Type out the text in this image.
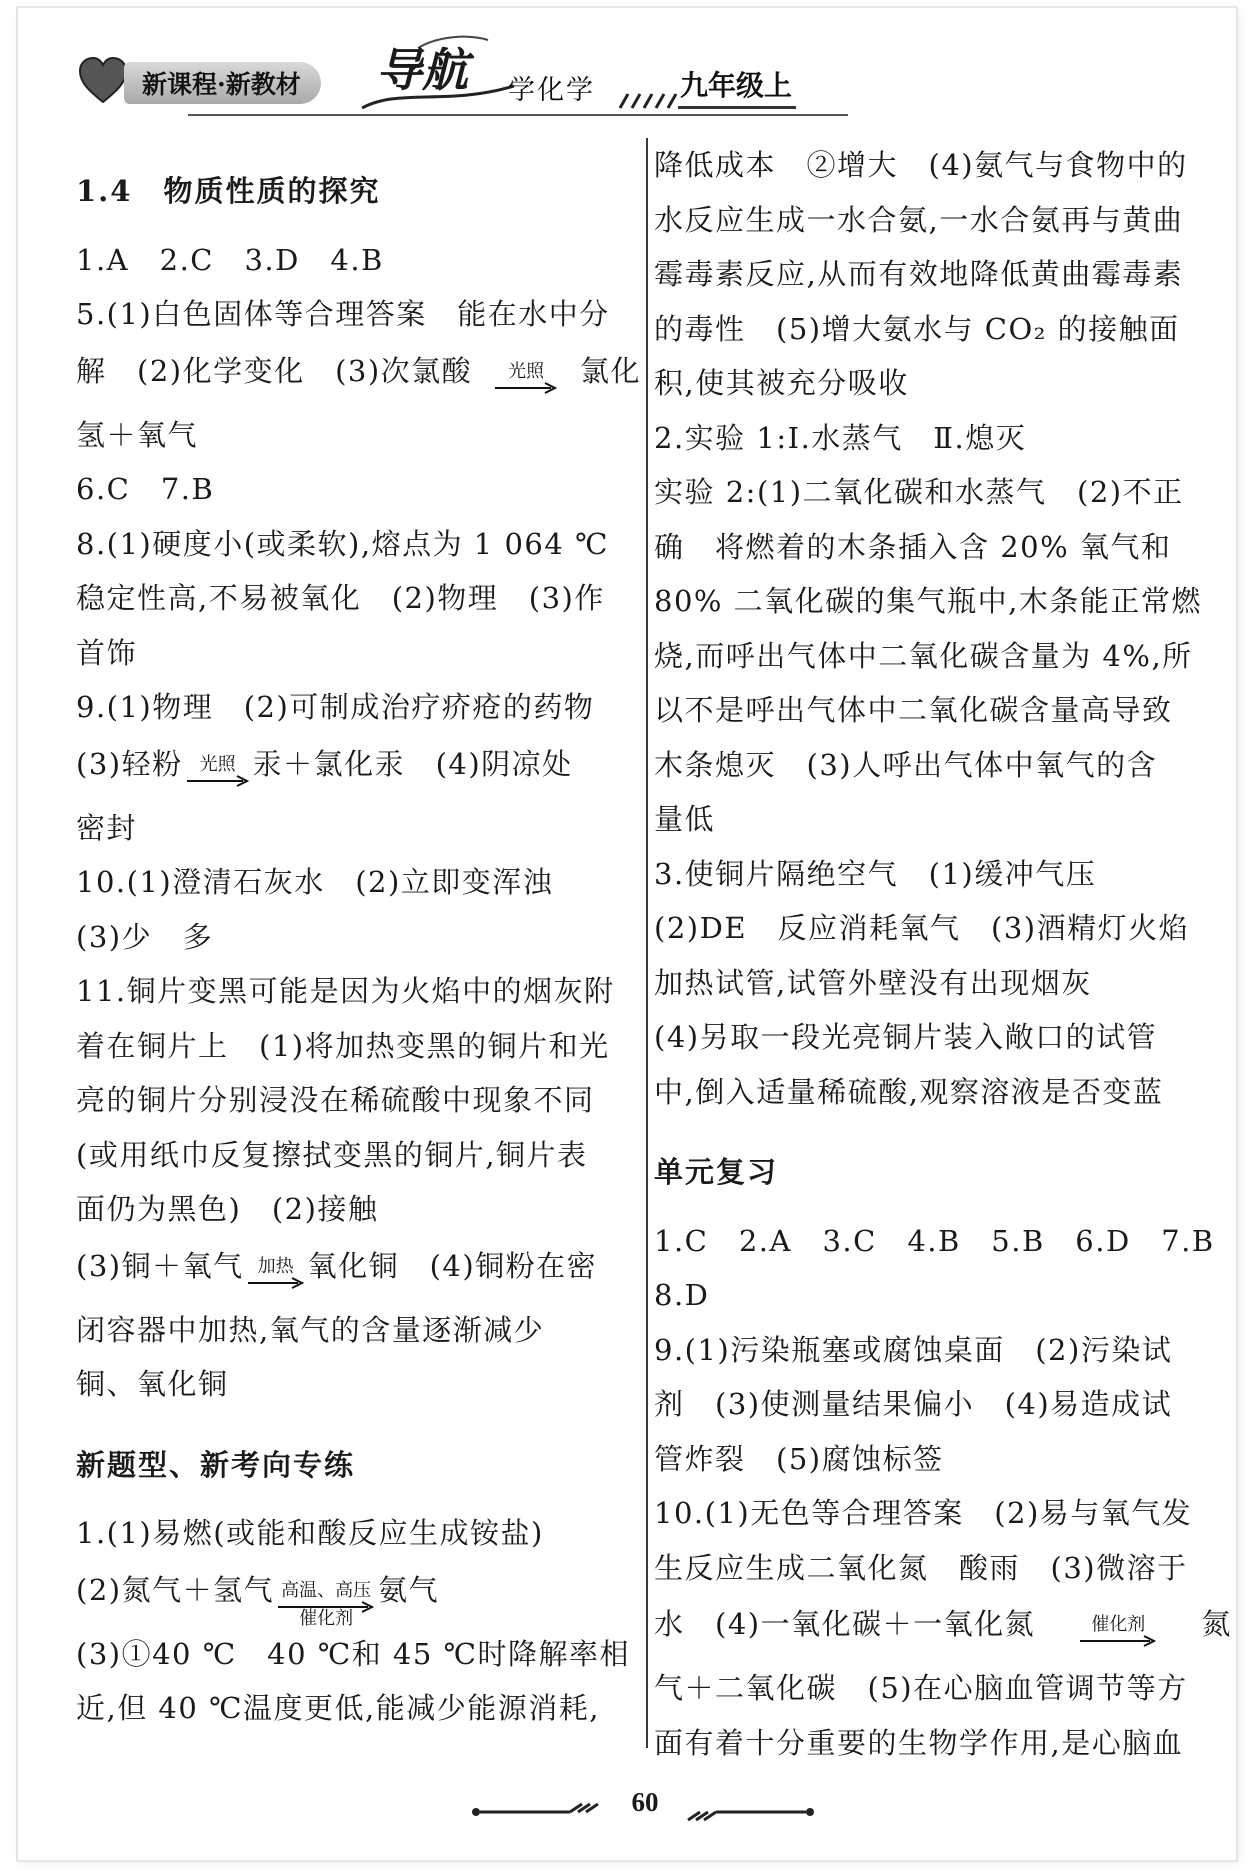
新课程·新教材	导航 学化学	九年级上
1.4　物质性质的探究
1.A　2.C　3.D　4.B
5.(1)白色固体等合理答案　能在水中分
解　(2)化学变化　(3)次氯酸 光照 氯化
氢＋氧气
6.C　7.B
8.(1)硬度小(或柔软),熔点为 1 064 ℃
稳定性高,不易被氧化　(2)物理　(3)作
首饰
9.(1)物理　(2)可制成治疗疥疮的药物
(3)轻粉 光照 汞＋氯化汞　(4)阴凉处
密封
10.(1)澄清石灰水　(2)立即变浑浊
(3)少　多
11.铜片变黑可能是因为火焰中的烟灰附
着在铜片上　(1)将加热变黑的铜片和光
亮的铜片分别浸没在稀硫酸中现象不同
(或用纸巾反复擦拭变黑的铜片,铜片表
面仍为黑色)　(2)接触
(3)铜＋氧气 加热 氧化铜　(4)铜粉在密
闭容器中加热,氧气的含量逐渐减少
铜、氧化铜
新题型、新考向专练
1.(1)易燃(或能和酸反应生成铵盐)
(2)氮气＋氢气 高温、高压
催化剂
氨气
(3)①40 ℃　40 ℃和 45 ℃时降解率相
近,但 40 ℃温度更低,能减少能源消耗,
降低成本　②增大　(4)氨气与食物中的
水反应生成一水合氨,一水合氨再与黄曲
霉毒素反应,从而有效地降低黄曲霉毒素
的毒性　(5)增大氨水与 CO₂ 的接触面
积,使其被充分吸收
2.实验 1:Ⅰ.水蒸气　Ⅱ.熄灭
实验 2:(1)二氧化碳和水蒸气　(2)不正
确　将燃着的木条插入含 20% 氧气和
80% 二氧化碳的集气瓶中,木条能正常燃
烧,而呼出气体中二氧化碳含量为 4%,所
以不是呼出气体中二氧化碳含量高导致
木条熄灭　(3)人呼出气体中氧气的含
量低
3.使铜片隔绝空气　(1)缓冲气压
(2)DE　反应消耗氧气　(3)酒精灯火焰
加热试管,试管外壁没有出现烟灰
(4)另取一段光亮铜片装入敞口的试管
中,倒入适量稀硫酸,观察溶液是否变蓝
单元复习
1.C　2.A　3.C　4.B　5.B　6.D　7.B
8.D
9.(1)污染瓶塞或腐蚀桌面　(2)污染试
剂　(3)使测量结果偏小　(4)易造成试
管炸裂　(5)腐蚀标签
10.(1)无色等合理答案　(2)易与氧气发
生反应生成二氧化氮　酸雨　(3)微溶于
水　(4)一氧化碳＋一氧化氮	催化剂 氮
气＋二氧化碳　(5)在心脑血管调节等方
面有着十分重要的生物学作用,是心脑血
60
